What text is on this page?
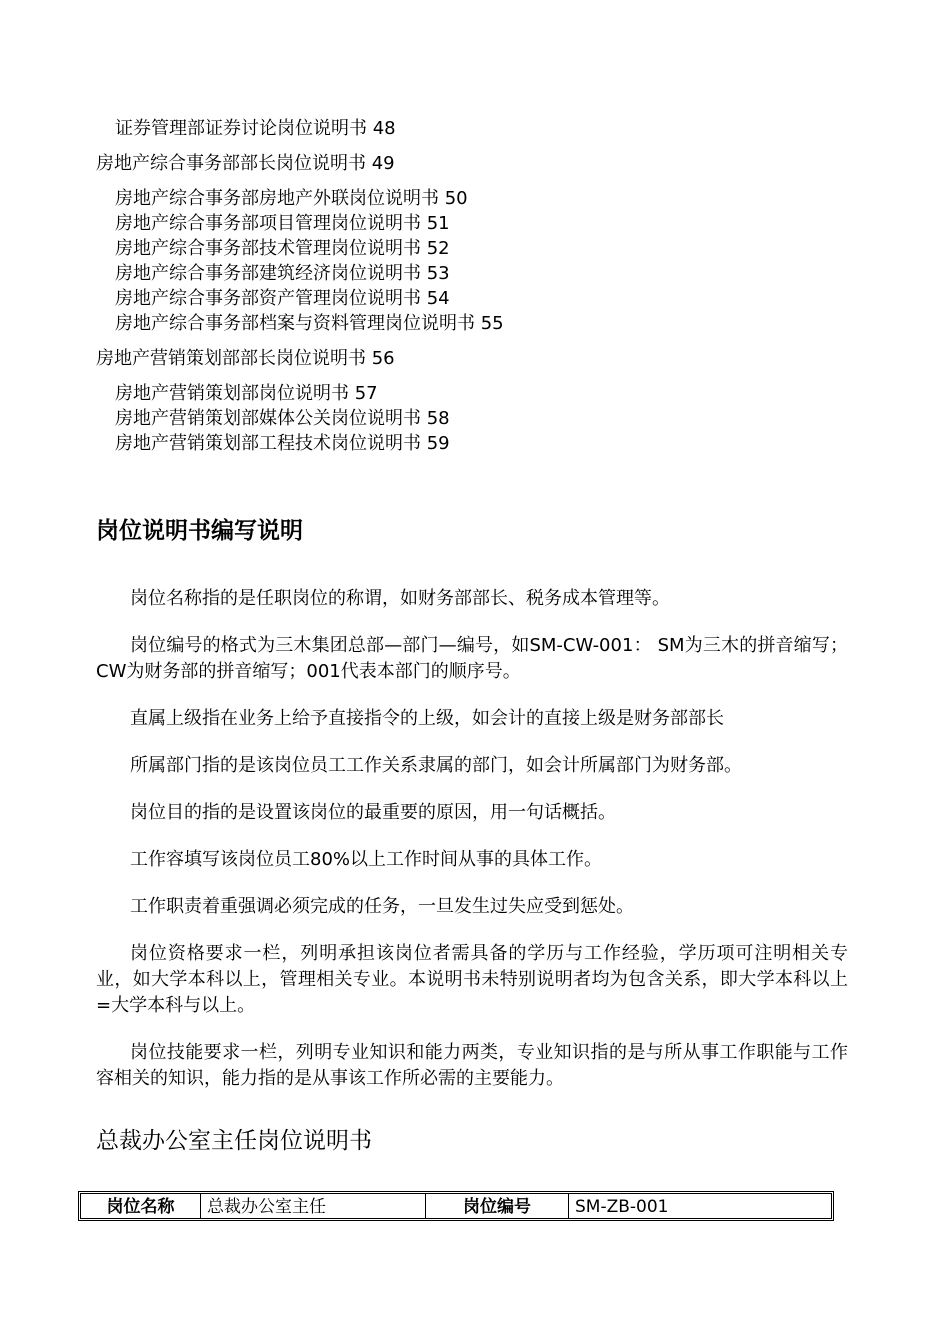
证券管理部证券讨论岗位说明书 48
房地产综合事务部部长岗位说明书 49
房地产综合事务部房地产外联岗位说明书 50
房地产综合事务部项目管理岗位说明书 51
房地产综合事务部技术管理岗位说明书 52
房地产综合事务部建筑经济岗位说明书 53
房地产综合事务部资产管理岗位说明书 54
房地产综合事务部档案与资料管理岗位说明书 55
房地产营销策划部部长岗位说明书 56
房地产营销策划部岗位说明书 57
房地产营销策划部媒体公关岗位说明书 58
房地产营销策划部工程技术岗位说明书 59
岗位说明书编写说明

岗位名称指的是任职岗位的称谓，如财务部部长、税务成本管理等。

岗位编号的格式为三木集团总部—部门—编号，如SM-CW-001： SM为三木的拼音缩写；CW为财务部的拼音缩写；001代表本部门的顺序号。

直属上级指在业务上给予直接指令的上级，如会计的直接上级是财务部部长

所属部门指的是该岗位员工工作关系隶属的部门，如会计所属部门为财务部。

岗位目的指的是设置该岗位的最重要的原因，用一句话概括。

工作容填写该岗位员工80%以上工作时间从事的具体工作。

工作职责着重强调必须完成的任务，一旦发生过失应受到惩处。

岗位资格要求一栏，列明承担该岗位者需具备的学历与工作经验，学历项可注明相关专业，如大学本科以上，管理相关专业。本说明书未特别说明者均为包含关系，即大学本科以上=大学本科与以上。

岗位技能要求一栏，列明专业知识和能力两类，专业知识指的是与所从事工作职能与工作容相关的知识，能力指的是从事该工作所必需的主要能力。

总裁办公室主任岗位说明书
岗位名称	总裁办公室主任	岗位编号	SM-ZB-001
